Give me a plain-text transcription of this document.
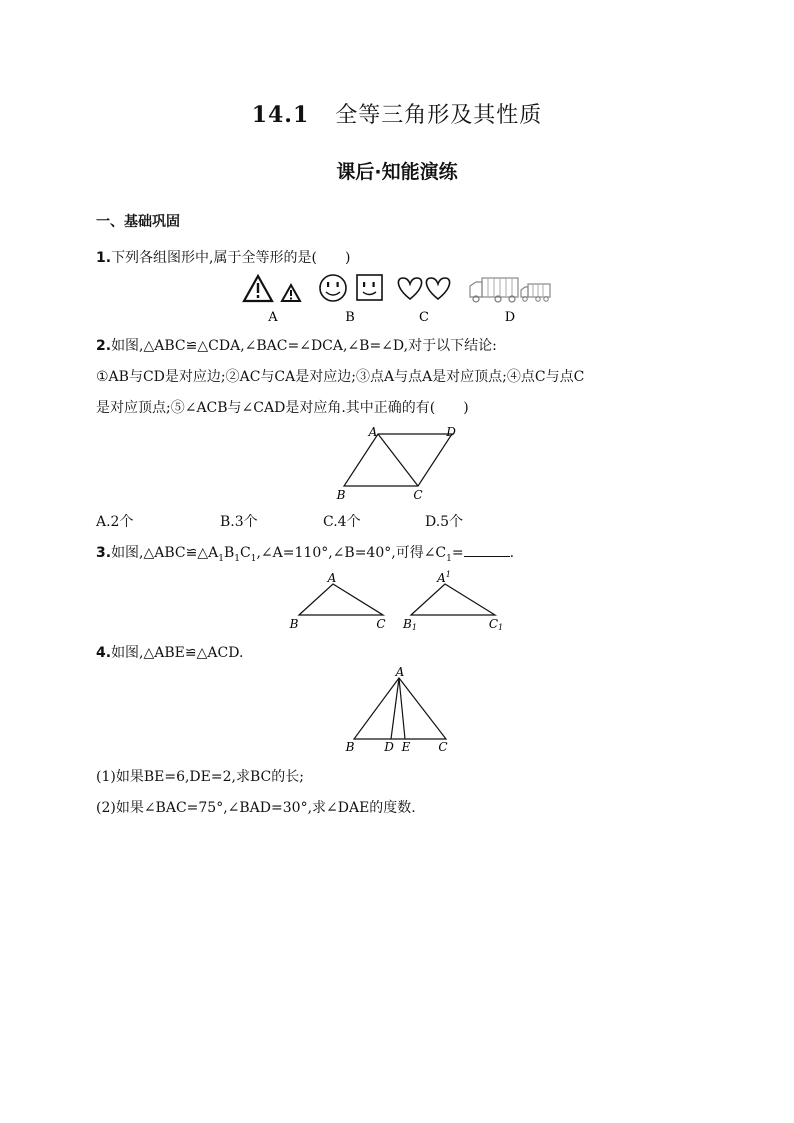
14.1 全等三角形及其性质
课后·知能演练
一、基础巩固
1.下列各组图形中,属于全等形的是(　　)
A	B	C	D
2.如图,△ABC≌△CDA,∠BAC=∠DCA,∠B=∠D,对于以下结论:
①AB与CD是对应边;②AC与CA是对应边;③点A与点A是对应顶点;④点C与点C
是对应顶点;⑤∠ACB与∠CAD是对应角.其中正确的有(　　)
A	D
B	C
A.2个	B.3个	C.4个	D.5个
3.如图$,\triangle ABC≌\triangle A_1B_1C_1,\angle A=110^\circ,\angle B=40^\circ$,可得$\angle C_1=$	.
A
B	C
$A^1$
B1	C1
4.如图,△ABE≌△ACD.
A
B D E C
(1)如果BE=6,DE=2,求BC的长;
(2)如果∠BAC=75°,∠BAD=30°,求∠DAE的度数.
